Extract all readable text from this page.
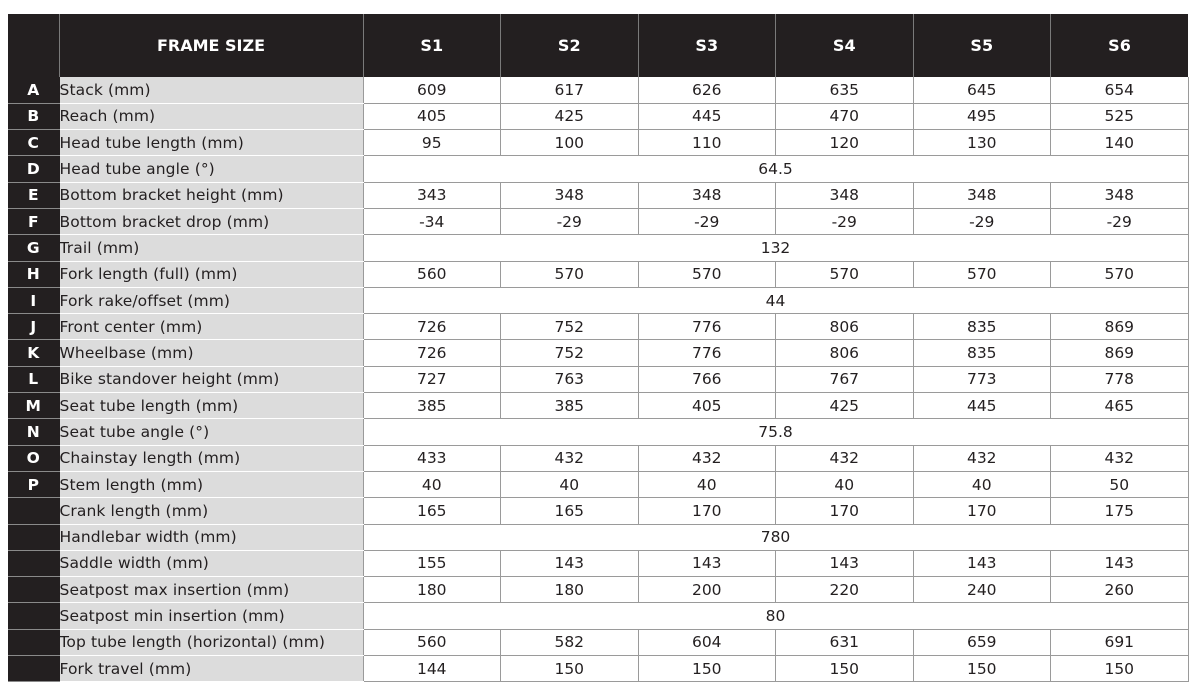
	FRAME SIZE	S1	S2	S3	S4	S5	S6
A	Stack (mm)	609	617	626	635	645	654
B	Reach (mm)	405	425	445	470	495	525
C	Head tube length (mm)	95	100	110	120	130	140
D	Head tube angle (°)	64.5					
E	Bottom bracket height (mm)	343	348	348	348	348	348
F	Bottom bracket drop (mm)	-34	-29	-29	-29	-29	-29
G	Trail (mm)	132					
H	Fork length (full) (mm)	560	570	570	570	570	570
I	Fork rake/offset (mm)	44					
J	Front center (mm)	726	752	776	806	835	869
K	Wheelbase (mm)	726	752	776	806	835	869
L	Bike standover height (mm)	727	763	766	767	773	778
M	Seat tube length (mm)	385	385	405	425	445	465
N	Seat tube angle (°)	75.8					
O	Chainstay length (mm)	433	432	432	432	432	432
P	Stem length (mm)	40	40	40	40	40	50
	Crank length (mm)	165	165	170	170	170	175
	Handlebar width (mm)	780					
	Saddle width (mm)	155	143	143	143	143	143
	Seatpost max insertion (mm)	180	180	200	220	240	260
	Seatpost min insertion (mm)	80					
	Top tube length (horizontal) (mm)	560	582	604	631	659	691
	Fork travel (mm)	144	150	150	150	150	150
